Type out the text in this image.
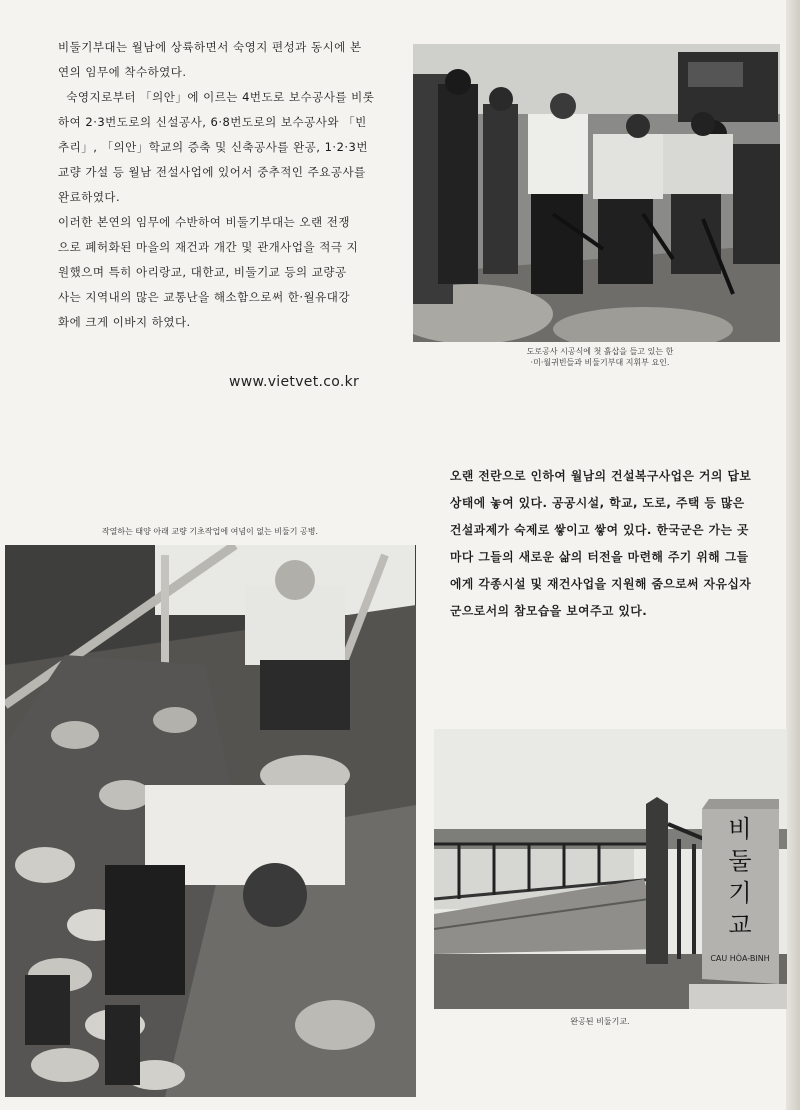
비둘기부대는 월남에 상륙하면서 숙영지 편성과 동시에 본

연의 임무에 착수하였다.

숙영지로부터 「의안」에 이르는 4번도로 보수공사를 비롯

하여 2·3번도로의 신설공사, 6·8번도로의 보수공사와 「빈

추리」, 「의안」학교의 증축 및 신축공사를 완공, 1·2·3번

교량 가설 등 월남 전설사업에 있어서 중추적인 주요공사를

완료하였다.

이러한 본연의 임무에 수반하여 비둘기부대는 오랜 전쟁

으로 폐허화된 마을의 재건과 개간 및 관개사업을 적극 지

원했으며 특히 아리랑교, 대한교, 비둘기교 등의 교량공

사는 지역내의 많은 교통난을 해소함으로써 한·월유대강

화에 크게 이바지 하였다.

도로공사 시공식에 첫 흙삽을 들고 있는 한
·미·월귀빈들과 비둘기부대 지휘부 요인.
www.vietvet.co.kr

오랜 전란으로 인하여 월남의 건설복구사업은 거의 답보

상태에 놓여 있다. 공공시설, 학교, 도로, 주택 등 많은

건설과제가 숙제로 쌓이고 쌓여 있다. 한국군은 가는 곳

마다 그들의 새로운 삶의 터전을 마련해 주기 위해 그들

에게 각종시설 및 재건사업을 지원해 줌으로써 자유십자

군으로서의 참모습을 보여주고 있다.

작열하는 태양 아래 교량 기초작업에 여념이 없는 비둘기 공병.
비
둘
기
교
CAU HÒA-BINH
완공된 비둘기교.
